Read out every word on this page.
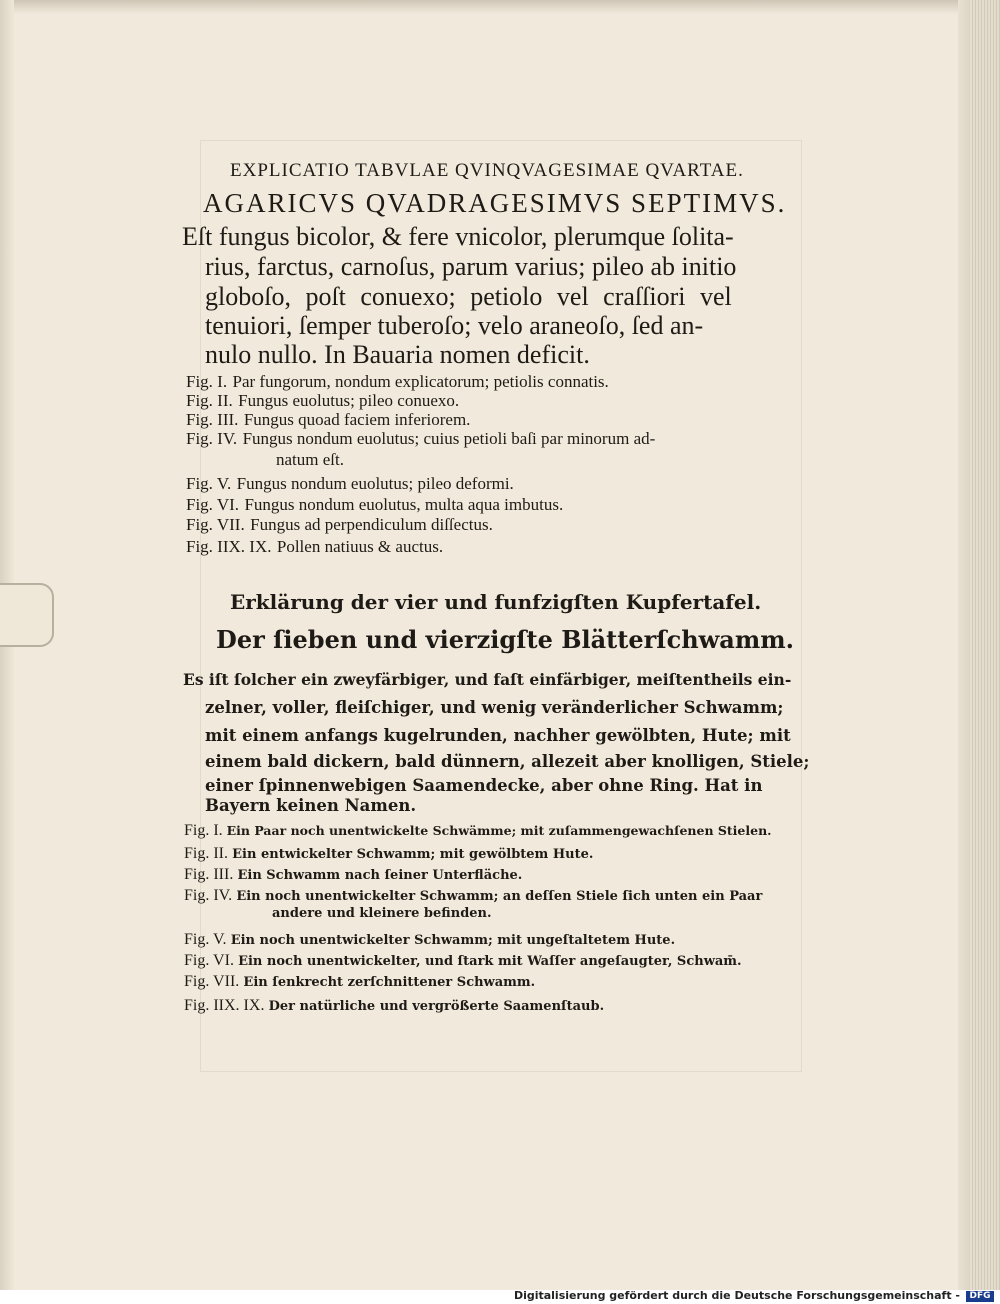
EXPLICATIO TABVLAE QVINQVAGESIMAE QVARTAE.
AGARICVS QVADRAGESIMVS SEPTIMVS.
Eſt fungus bicolor, & fere vnicolor, plerumque ſolita-
rius, farctus, carnoſus, parum varius; pileo ab initio
globoſo, poſt conuexo; petiolo vel craſſiori vel
tenuiori, ſemper tuberoſo; velo araneoſo, ſed an-
nulo nullo. In Bauaria nomen deficit.
Fig. I. Par fungorum, nondum explicatorum; petiolis connatis.
Fig. II. Fungus euolutus; pileo conuexo.
Fig. III. Fungus quoad faciem inferiorem.
Fig. IV. Fungus nondum euolutus; cuius petioli baſi par minorum ad-
natum eſt.
Fig. V. Fungus nondum euolutus; pileo deformi.
Fig. VI. Fungus nondum euolutus, multa aqua imbutus.
Fig. VII. Fungus ad perpendiculum diſſectus.
Fig. IIX. IX. Pollen natiuus & auctus.
Erklärung der vier und funfzigſten Kupfertafel.
Der ſieben und vierzigſte Blätterſchwamm.
Es iſt ſolcher ein zweyfärbiger, und faſt einfärbiger, meiſtentheils ein-
zelner, voller, fleiſchiger, und wenig veränderlicher Schwamm;
mit einem anfangs kugelrunden, nachher gewölbten, Hute; mit
einem bald dickern, bald dünnern, allezeit aber knolligen, Stiele;
einer ſpinnenwebigen Saamendecke, aber ohne Ring. Hat in
Bayern keinen Namen.
Fig. I. Ein Paar noch unentwickelte Schwämme; mit zuſammengewachſenen Stielen.
Fig. II. Ein entwickelter Schwamm; mit gewölbtem Hute.
Fig. III. Ein Schwamm nach ſeiner Unterfläche.
Fig. IV. Ein noch unentwickelter Schwamm; an deſſen Stiele ſich unten ein Paar
andere und kleinere befinden.
Fig. V. Ein noch unentwickelter Schwamm; mit ungeſtaltetem Hute.
Fig. VI. Ein noch unentwickelter, und ſtark mit Waſſer angeſaugter, Schwam̄.
Fig. VII. Ein ſenkrecht zerſchnittener Schwamm.
Fig. IIX. IX. Der natürliche und vergrößerte Saamenſtaub.
Digitalisierung gefördert durch die Deutsche Forschungsgemeinschaft -	DFG
